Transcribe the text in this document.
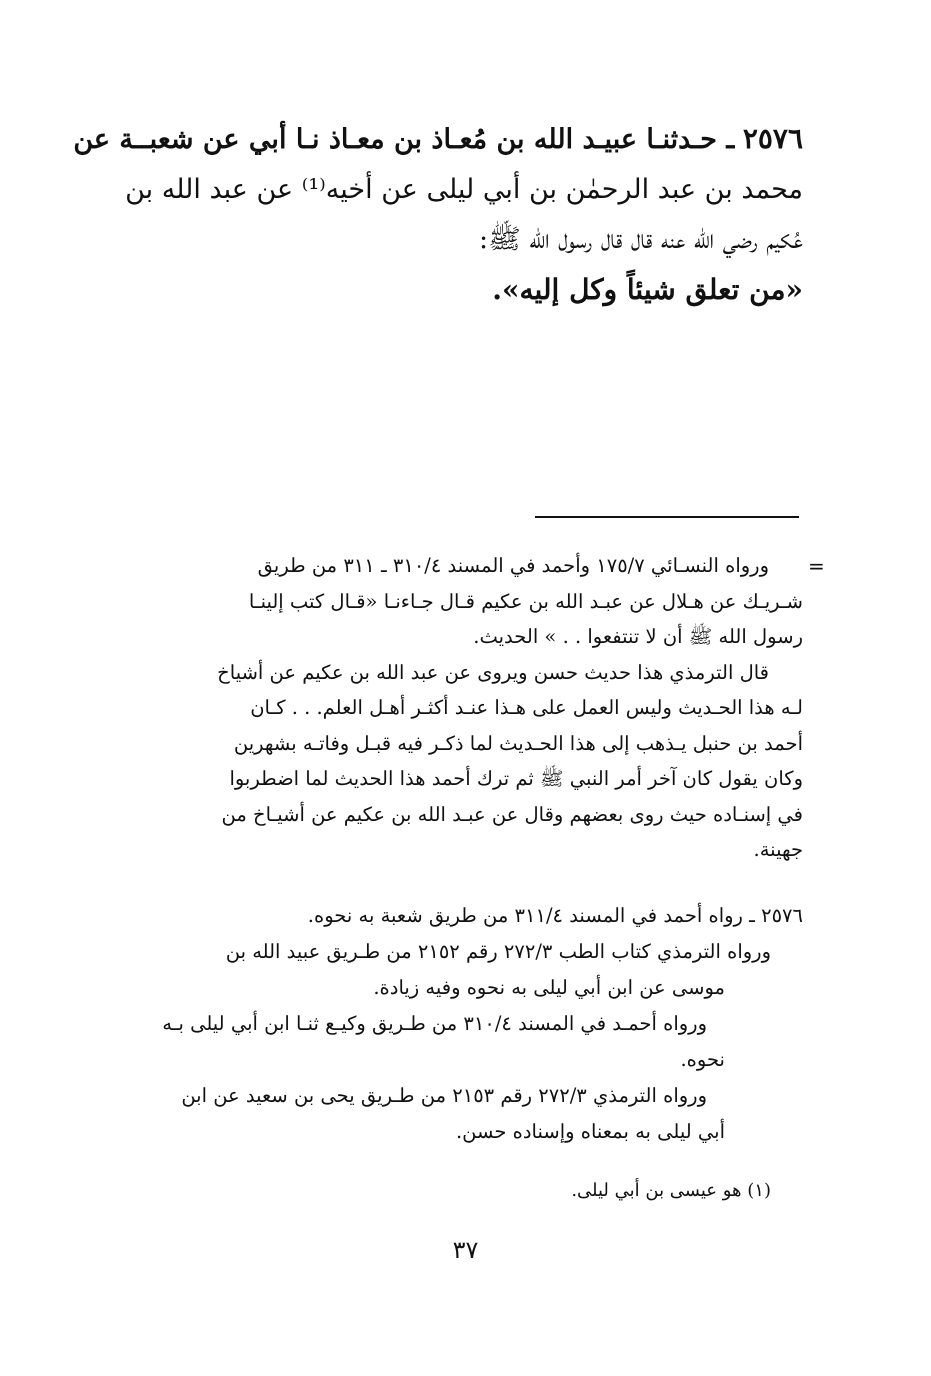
٢٥٧٦ ـ حـدثنـا عبيـد الله بن مُعـاذ بن معـاذ نـا أبي عن شعبــة عن
محمد بن عبد الرحمٰن بن أبي ليلى عن أخيه⁽¹⁾ عن عبد الله بن
عُكيم رضي الله عنه قال قال رسول الله ﷺ:
«من تعلق شيئاً وكل إليه».
=
ورواه النسـائي ١٧٥/٧ وأحمد في المسند ٣١٠/٤ ـ ٣١١ من طريق
شـريـك عن هـلال عن عبـد الله بن عكيم قـال جـاءنـا «قـال كتب إلينـا
رسول الله ﷺ أن لا تنتفعوا . . » الحديث.
قال الترمذي هذا حديث حسن ويروى عن عبد الله بن عكيم عن أشياخ
لـه هذا الحـديث وليس العمل على هـذا عنـد أكثـر أهـل العلم. . . كـان
أحمد بن حنبل يـذهب إلى هذا الحـديث لما ذكـر فيه قبـل وفاتـه بشهرين
وكان يقول كان آخر أمر النبي ﷺ ثم ترك أحمد هذا الحديث لما اضطربوا
في إسنـاده حيث روى بعضهم وقال عن عبـد الله بن عكيم عن أشيـاخ من
جهينة.
٢٥٧٦ ـ رواه أحمد في المسند ٣١١/٤ من طريق شعبة به نحوه.
ورواه الترمذي كتاب الطب ٢٧٢/٣ رقم ٢١٥٢ من طـريق عبيد الله بن
موسى عن ابن أبي ليلى به نحوه وفيه زيادة.
ورواه أحمـد في المسند ٣١٠/٤ من طـريق وكيـع ثنـا ابن أبي ليلى بـه
نحوه.
ورواه الترمذي ٢٧٢/٣ رقم ٢١٥٣ من طـريق يحى بن سعيد عن ابن
أبي ليلى به بمعناه وإسناده حسن.
(١) هو عيسى بن أبي ليلى.
٣٧
